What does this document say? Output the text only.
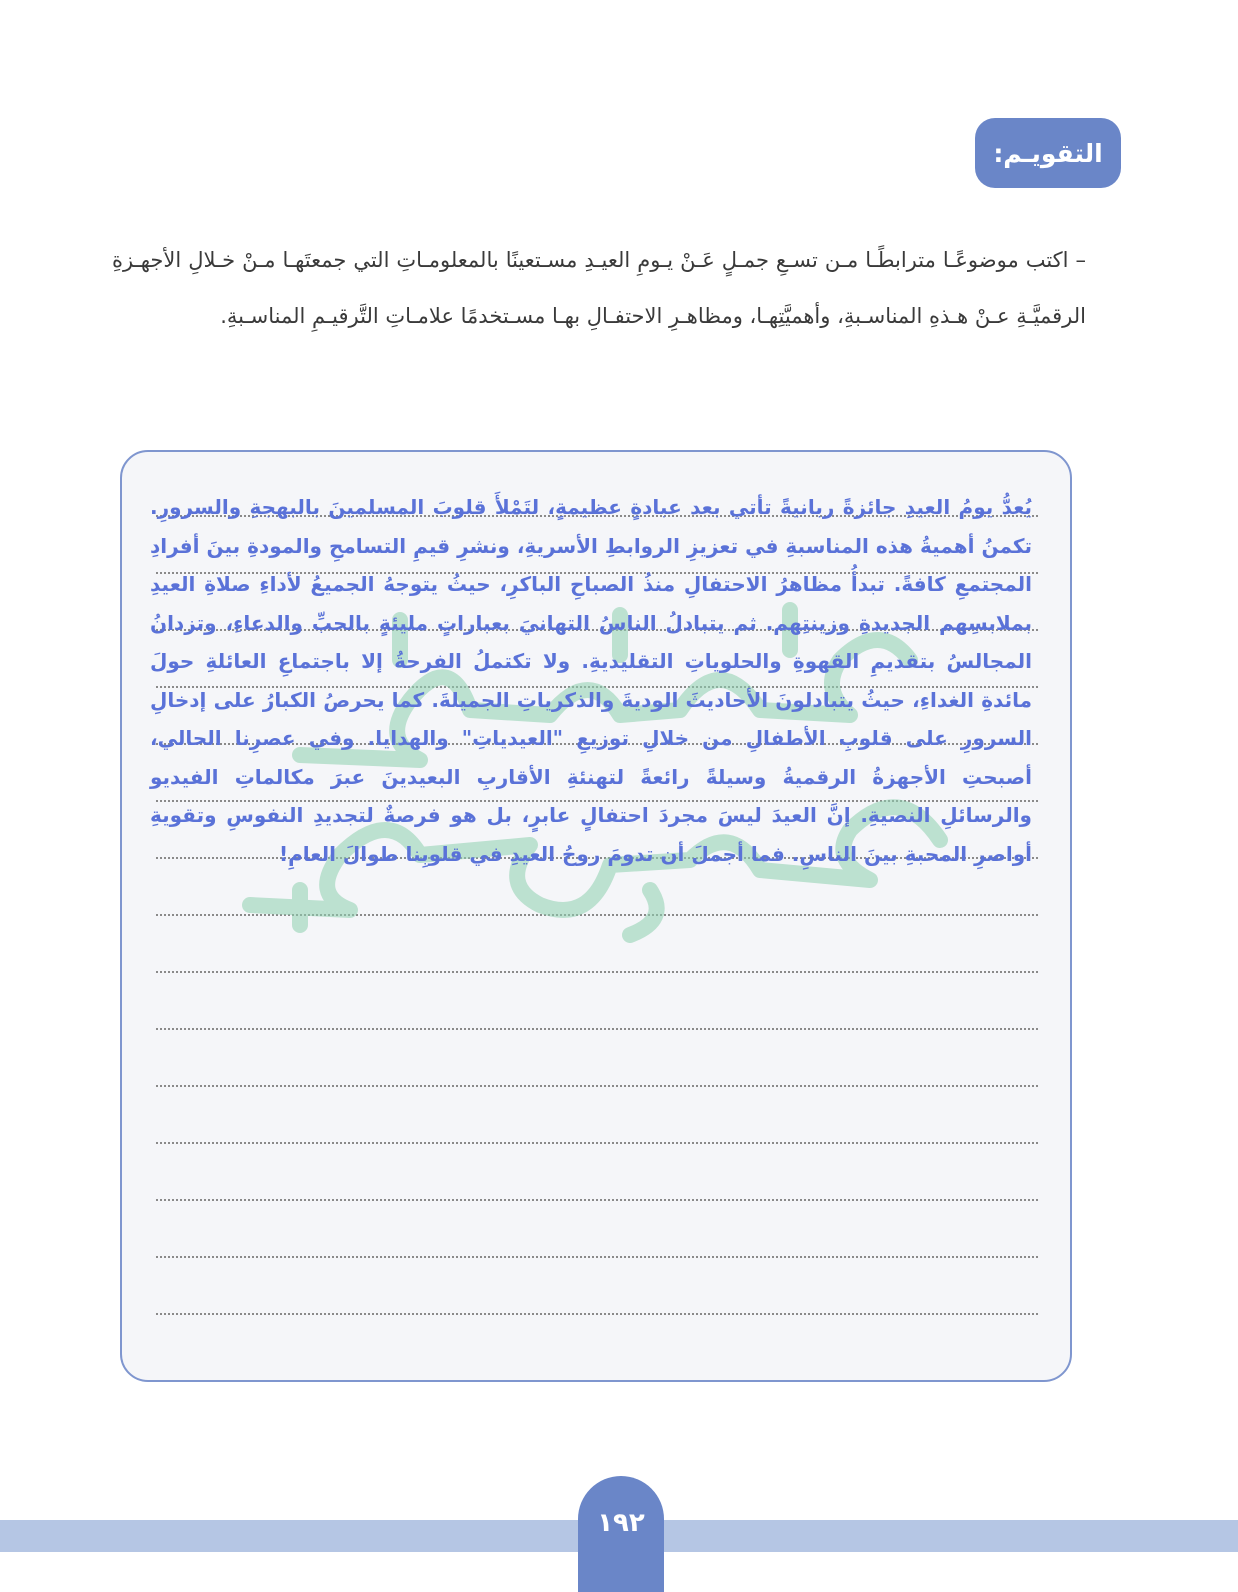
التقويـم:
– اكتب موضوعًـا مترابطًـا مـن تسـعِ جمـلٍ عَـنْ يـومِ العيـدِ مسـتعينًا بالمعلومـاتِ التي جمعتَهـا مـنْ خـلالِ الأجهـزةِ الرقميَّـةِ عـنْ هـذهِ المناسـبةِ، وأهميَّتِهـا، ومظاهـرِ الاحتفـالِ بهـا مسـتخدمًا علامـاتِ التَّرقيـمِ المناسـبةِ.
يُعدُّ يومُ العيدِ جائزةً ربانيةً تأتي بعد عبادةٍ عظيمةٍ، لتَمْلأَ قلوبَ المسلمينَ بالبهجةِ والسرورِ. تكمنُ أهميةُ هذه المناسبةِ في تعزيزِ الروابطِ الأسريةِ، ونشرِ قيمِ التسامحِ والمودةِ بينَ أفرادِ المجتمعِ كافةً. تبدأُ مظاهرُ الاحتفالِ منذُ الصباحِ الباكرِ، حيثُ يتوجهُ الجميعُ لأداءِ صلاةِ العيدِ بملابسِهم الجديدةِ وزينتِهم. ثم يتبادلُ الناسُ التهانيَ بعباراتٍ مليئةٍ بالحبِّ والدعاءِ، وتزدانُ المجالسُ بتقديمِ القهوةِ والحلوياتِ التقليديةِ. ولا تكتملُ الفرحةُ إلا باجتماعِ العائلةِ حولَ مائدةِ الغداءِ، حيثُ يتبادلونَ الأحاديثَ الوديةَ والذكرياتِ الجميلةَ. كما يحرصُ الكبارُ على إدخالِ السرورِ على قلوبِ الأطفالِ من خلالِ توزيعِ "العيدياتِ" والهدايا. وفي عصرِنا الحالي، أصبحتِ الأجهزةُ الرقميةُ وسيلةً رائعةً لتهنئةِ الأقاربِ البعيدينَ عبرَ مكالماتِ الفيديو والرسائلِ النصيةِ. إنَّ العيدَ ليسَ مجردَ احتفالٍ عابرٍ، بل هو فرصةٌ لتجديدِ النفوسِ وتقويةِ أواصرِ المحبةِ بينَ الناسِ. فما أجملَ أن تدومَ روحُ العيدِ في قلوبِنا طوالَ العامِ!
١٩٢
